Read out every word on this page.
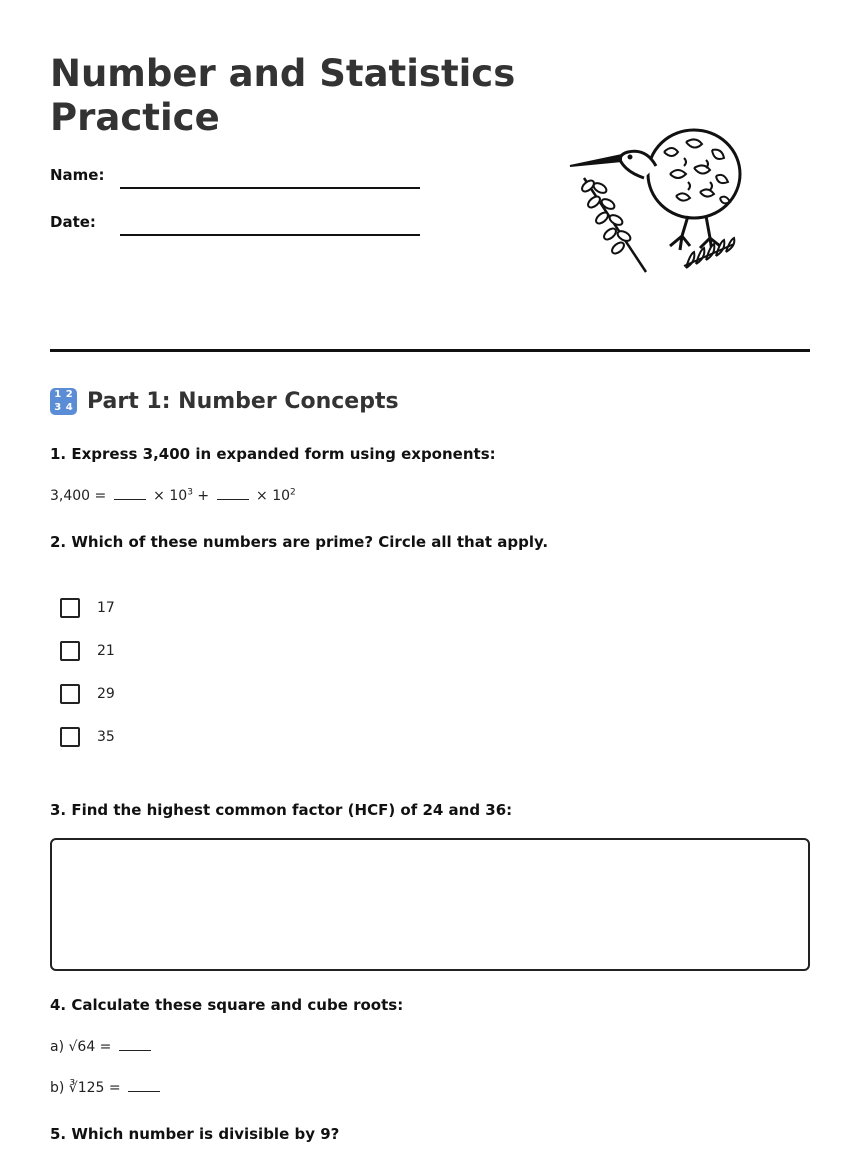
Number and Statistics Practice
Name:
Date:
1 2
3 4 Part 1: Number Concepts

1. Express 3,400 in expanded form using exponents:

3,400 =	× $10^3$ +	× $10^2$

2. Which of these numbers are prime? Circle all that apply.

17
21
29
35

3. Find the highest common factor (HCF) of 24 and 36:

4. Calculate these square and cube roots:

a) √64 =
b) ∛125 =

5. Which number is divisible by 9?
